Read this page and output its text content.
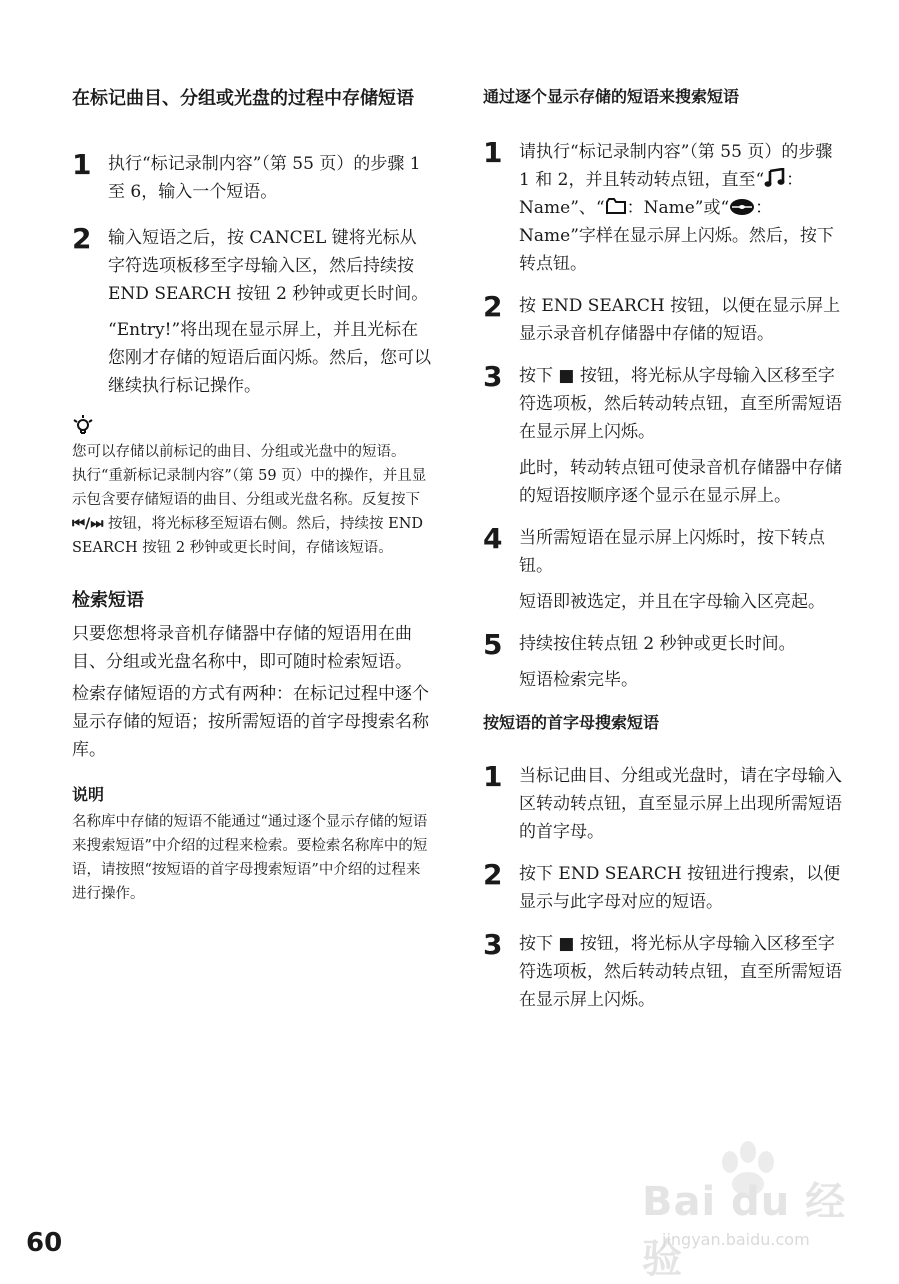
在标记曲目、分组或光盘的过程中存储短语
1 执行“标记录制内容”（第 55 页）的步骤 1 至 6，输入一个短语。

2 输入短语之后，按 CANCEL 键将光标从字符选项板移至字母输入区，然后持续按 END SEARCH 按钮 2 秒钟或更长时间。

“Entry!”将出现在显示屏上，并且光标在您刚才存储的短语后面闪烁。然后，您可以继续执行标记操作。

您可以存储以前标记的曲目、分组或光盘中的短语。

执行“重新标记录制内容”（第 59 页）中的操作，并且显示包含要存储短语的曲目、分组或光盘名称。反复按下 ⏮/⏭ 按钮，将光标移至短语右侧。然后，持续按 END SEARCH 按钮 2 秒钟或更长时间，存储该短语。

检索短语

只要您想将录音机存储器中存储的短语用在曲目、分组或光盘名称中，即可随时检索短语。

检索存储短语的方式有两种：在标记过程中逐个显示存储的短语；按所需短语的首字母搜索名称库。

说明

名称库中存储的短语不能通过“通过逐个显示存储的短语来搜索短语”中介绍的过程来检索。要检索名称库中的短语，请按照“按短语的首字母搜索短语”中介绍的过程来进行操作。

通过逐个显示存储的短语来搜索短语
1 请执行“标记录制内容”（第 55 页）的步骤 1 和 2，并且转动转点钮，直至“ ：Name”、“ ：Name”或“ ：Name”字样在显示屏上闪烁。然后，按下转点钮。

2 按 END SEARCH 按钮，以便在显示屏上显示录音机存储器中存储的短语。

3 按下 ■ 按钮，将光标从字母输入区移至字符选项板，然后转动转点钮，直至所需短语在显示屏上闪烁。

此时，转动转点钮可使录音机存储器中存储的短语按顺序逐个显示在显示屏上。

4 当所需短语在显示屏上闪烁时，按下转点钮。

短语即被选定，并且在字母输入区亮起。

5 持续按住转点钮 2 秒钟或更长时间。

短语检索完毕。

按短语的首字母搜索短语
1 当标记曲目、分组或光盘时，请在字母输入区转动转点钮，直至显示屏上出现所需短语的首字母。

2 按下 END SEARCH 按钮进行搜索，以便显示与此字母对应的短语。

3 按下 ■ 按钮，将光标从字母输入区移至字符选项板，然后转动转点钮，直至所需短语在显示屏上闪烁。

60
Bai du 经验
jingyan.baidu.com
